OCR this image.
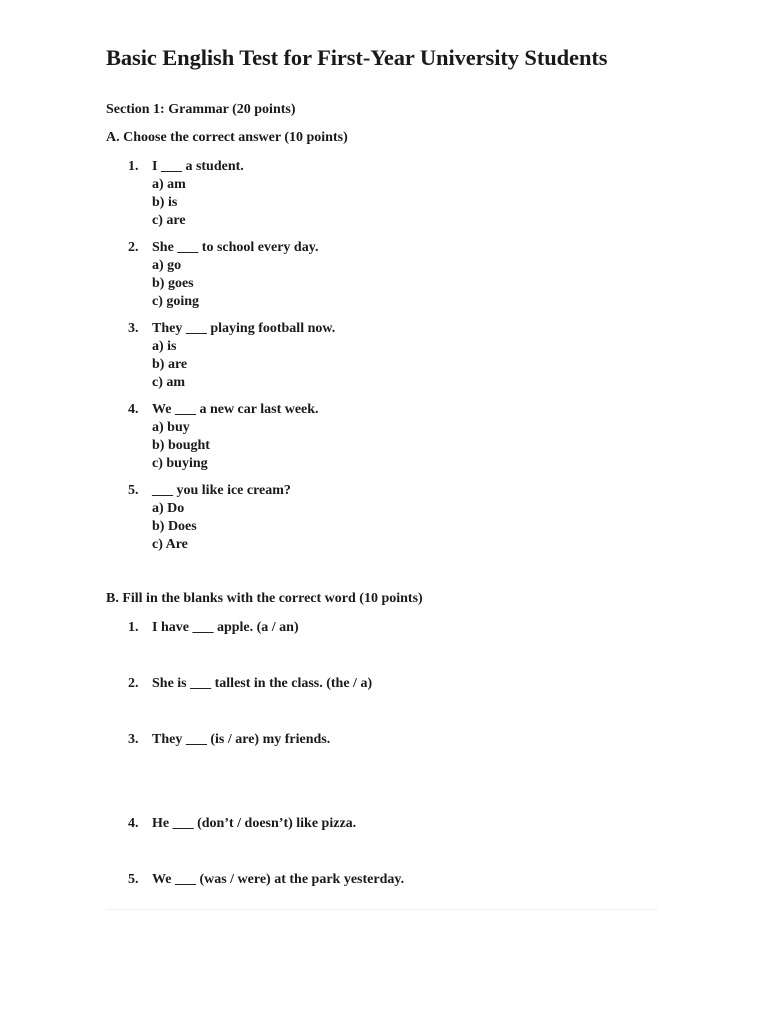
Basic English Test for First-Year University Students

Section 1: Grammar (20 points)

A. Choose the correct answer (10 points)

1. I ___ a student.
a) am
b) is
c) are
2. She ___ to school every day.
a) go
b) goes
c) going
3. They ___ playing football now.
a) is
b) are
c) am
4. We ___ a new car last week.
a) buy
b) bought
c) buying
5. ___ you like ice cream?
a) Do
b) Does
c) Are

B. Fill in the blanks with the correct word (10 points)

1. I have ___ apple. (a / an)
2. She is ___ tallest in the class. (the / a)
3. They ___ (is / are) my friends.
4. He ___ (don’t / doesn’t) like pizza.
5. We ___ (was / were) at the park yesterday.
